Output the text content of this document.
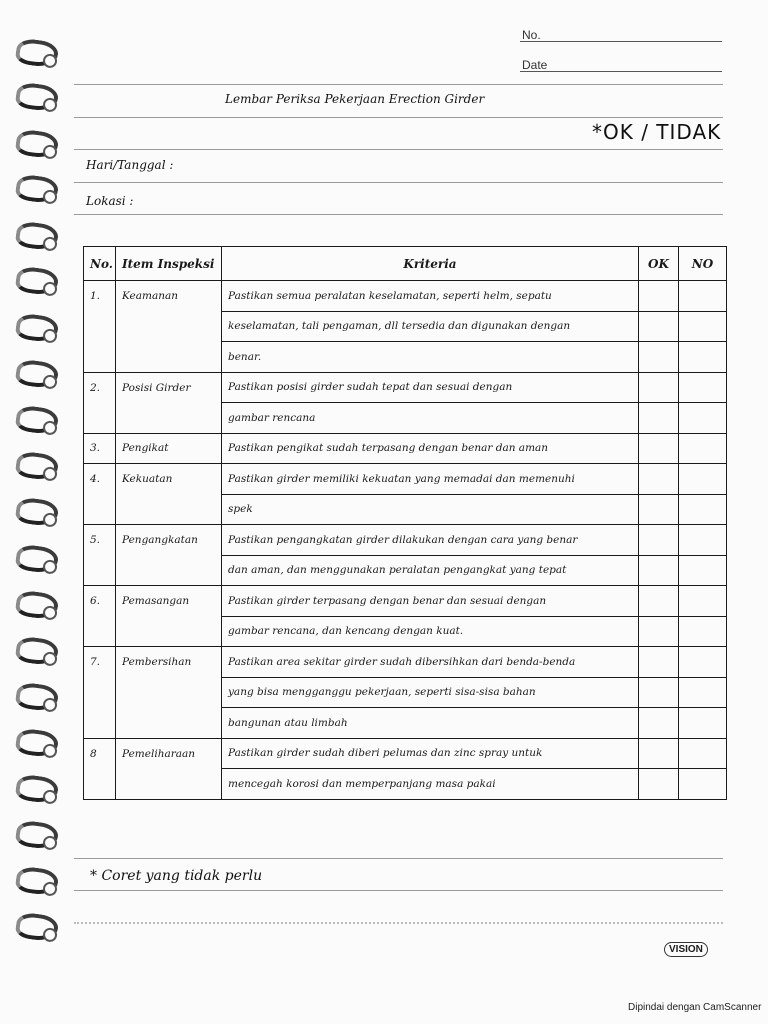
No.
Date
Lembar Periksa Pekerjaan Erection Girder
*OK / TIDAK
Hari/Tanggal :
Lokasi :
No.	Item Inspeksi	Kriteria	OK	NO
1.	Keamanan	Pastikan semua peralatan keselamatan, seperti helm, sepatu		
		keselamatan, tali pengaman, dll tersedia dan digunakan dengan		
		benar.		
2.	Posisi Girder	Pastikan posisi girder sudah tepat dan sesuai dengan		
		gambar rencana		
3.	Pengikat	Pastikan pengikat sudah terpasang dengan benar dan aman		
4.	Kekuatan	Pastikan girder memiliki kekuatan yang memadai dan memenuhi		
		spek		
5.	Pengangkatan	Pastikan pengangkatan girder dilakukan dengan cara yang benar		
		dan aman, dan menggunakan peralatan pengangkat yang tepat		
6.	Pemasangan	Pastikan girder terpasang dengan benar dan sesuai dengan		
		gambar rencana, dan kencang dengan kuat.		
7.	Pembersihan	Pastikan area sekitar girder sudah dibersihkan dari benda-benda		
		yang bisa mengganggu pekerjaan, seperti sisa-sisa bahan		
		bangunan atau limbah		
8	Pemeliharaan	Pastikan girder sudah diberi pelumas dan zinc spray untuk		
		mencegah korosi dan memperpanjang masa pakai		
* Coret yang tidak perlu
VISION
Dipindai dengan CamScanner
